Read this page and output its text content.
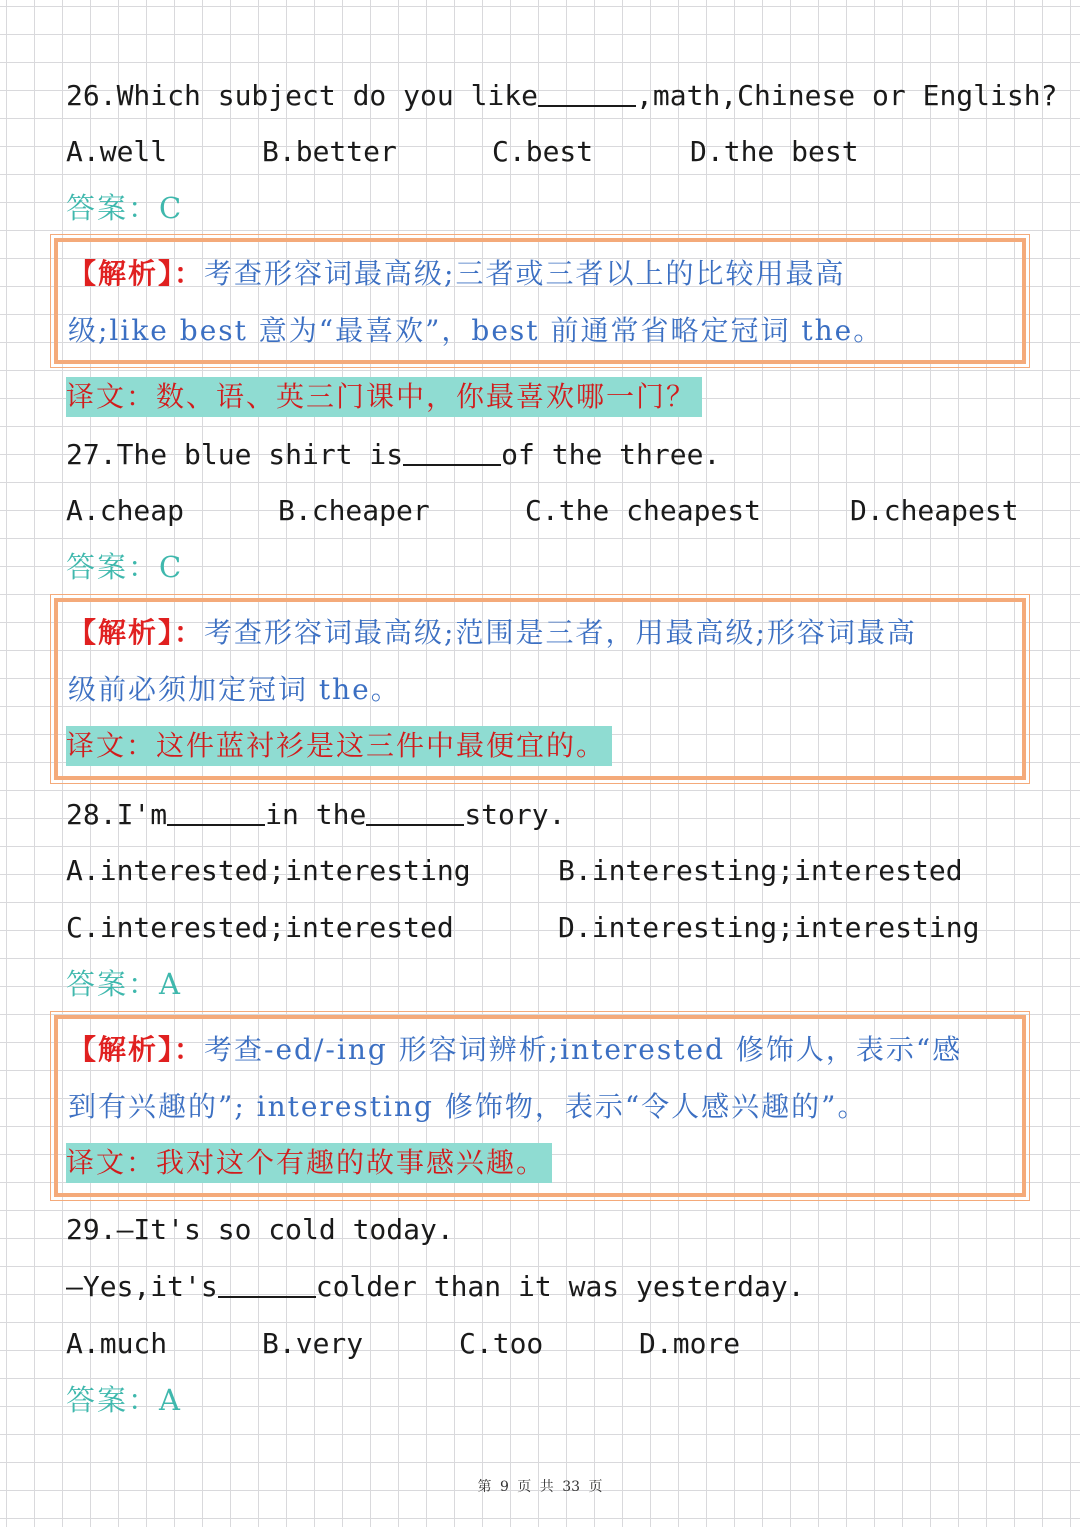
26.Which subject do you like	,math,Chinese or English?
A.well	B.better	C.best	D.the best
答案：C
【解析】：考查形容词最高级;三者或三者以上的比较用最高
级;like best 意为“最喜欢”，best 前通常省略定冠词 the。
译文：数、语、英三门课中，你最喜欢哪一门？
27.The blue shirt is	of the three.
A.cheap	B.cheaper	C.the cheapest	D.cheapest
答案：C
【解析】：考查形容词最高级;范围是三者，用最高级;形容词最高
级前必须加定冠词 the。
译文：这件蓝衬衫是这三件中最便宜的。
28.I'm	in the	story.
A.interested;interesting	B.interesting;interested
C.interested;interested	D.interesting;interesting
答案：A
【解析】：考查-ed/-ing 形容词辨析;interested 修饰人，表示“感
到有兴趣的”; interesting 修饰物，表示“令人感兴趣的”。
译文：我对这个有趣的故事感兴趣。
29.—It's so cold today.
—Yes,it's	colder than it was yesterday.
A.much	B.very	C.too	D.more
答案：A
第 9 页 共 33 页
